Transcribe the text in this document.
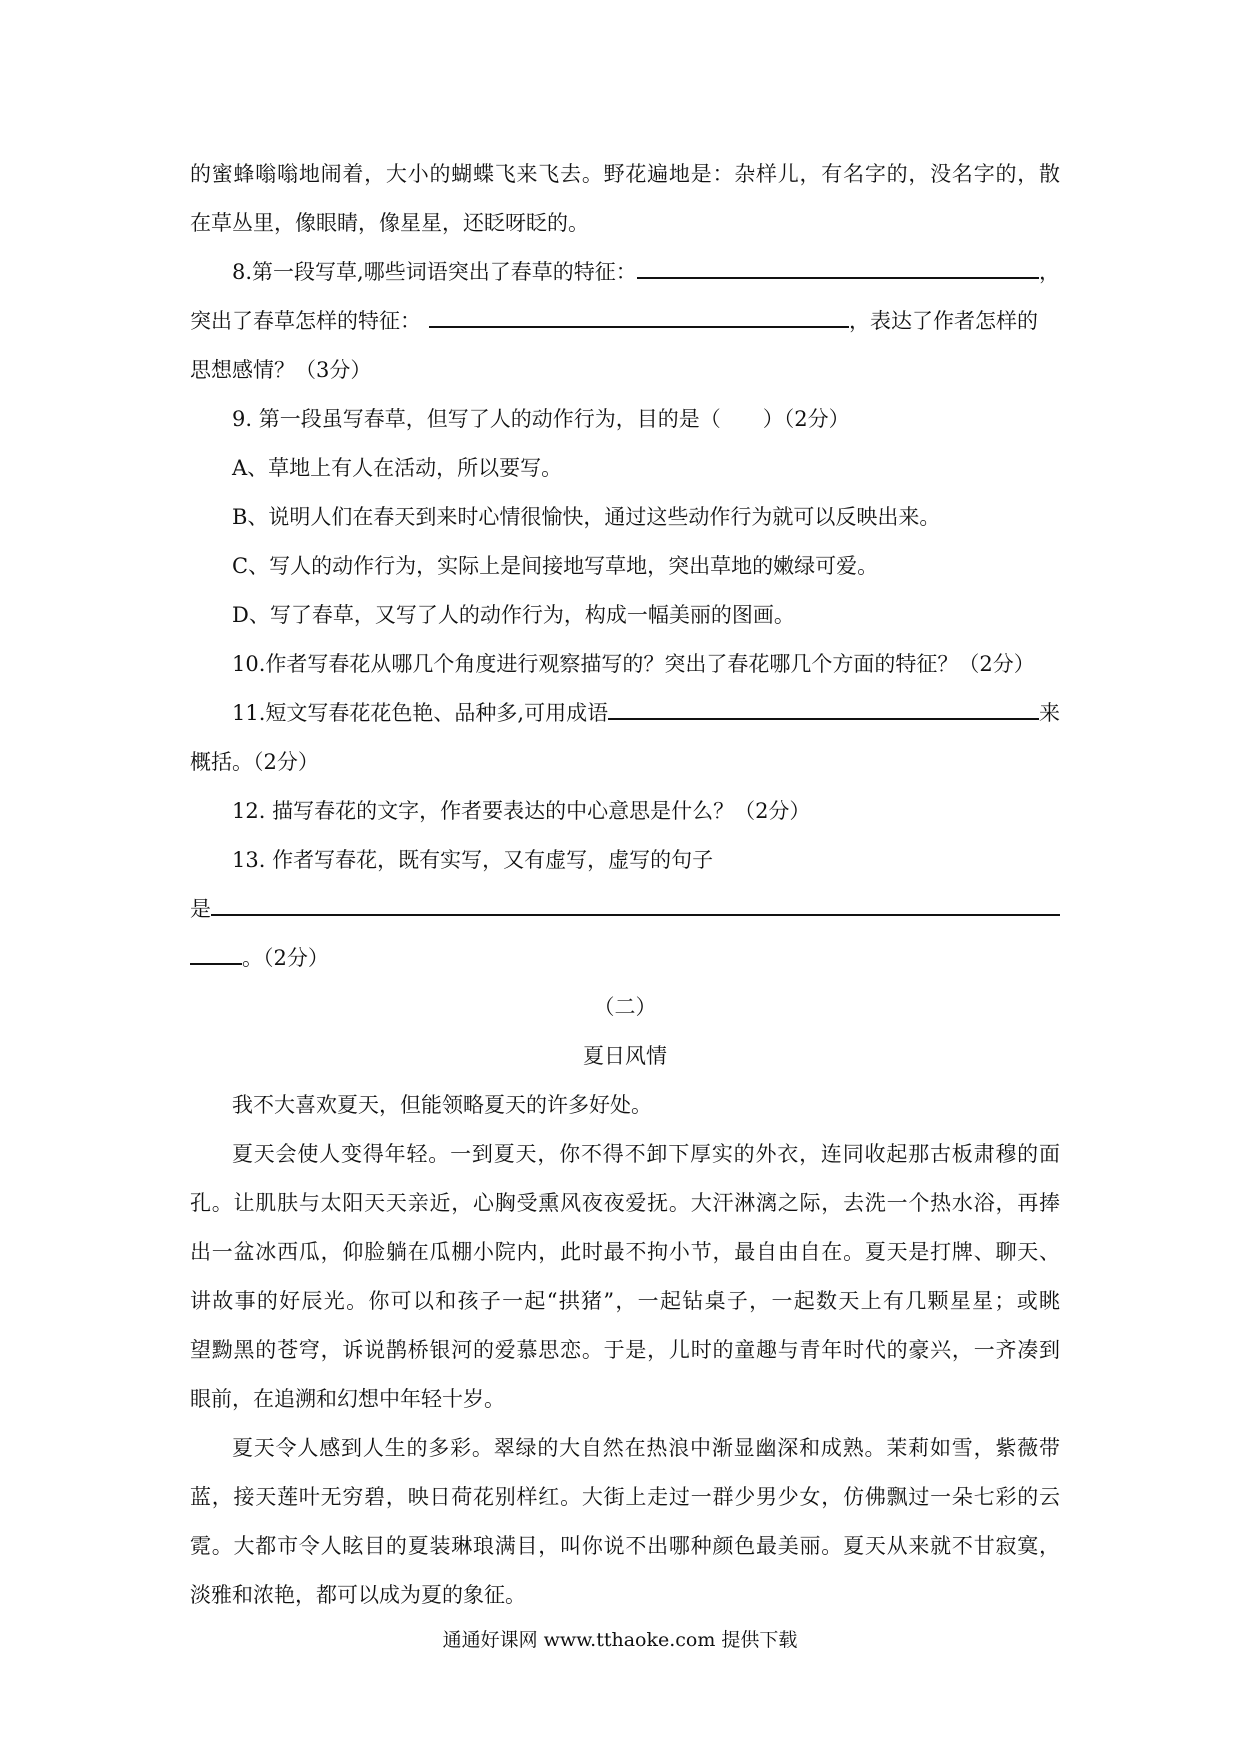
的蜜蜂嗡嗡地闹着，大小的蝴蝶飞来飞去。野花遍地是：杂样儿，有名字的，没名字的，散
在草丛里，像眼睛，像星星，还眨呀眨的。
8.第一段写草,哪些词语突出了春草的特征：	，
突出了春草怎样的特征：	，表达了作者怎样的
思想感情？（3分）
9. 第一段虽写春草，但写了人的动作行为，目的是（　　）（2分）
A、草地上有人在活动，所以要写。
B、说明人们在春天到来时心情很愉快，通过这些动作行为就可以反映出来。
C、写人的动作行为，实际上是间接地写草地，突出草地的嫩绿可爱。
D、写了春草，又写了人的动作行为，构成一幅美丽的图画。
10.作者写春花从哪几个角度进行观察描写的？突出了春花哪几个方面的特征？（2分）
11.短文写春花花色艳、品种多,可用成语	来
概括。（2分）
12. 描写春花的文字，作者要表达的中心意思是什么？（2分）
13. 作者写春花，既有实写，又有虚写，虚写的句子
是
。（2分）
（二）
夏日风情
我不大喜欢夏天，但能领略夏天的许多好处。
夏天会使人变得年轻。一到夏天，你不得不卸下厚实的外衣，连同收起那古板肃穆的面
孔。让肌肤与太阳天天亲近，心胸受熏风夜夜爱抚。大汗淋漓之际，去洗一个热水浴，再捧
出一盆冰西瓜，仰脸躺在瓜棚小院内，此时最不拘小节，最自由自在。夏天是打牌、聊天、
讲故事的好辰光。你可以和孩子一起“拱猪”，一起钻桌子，一起数天上有几颗星星；或眺
望黝黑的苍穹，诉说鹊桥银河的爱慕思恋。于是，儿时的童趣与青年时代的豪兴，一齐凑到
眼前，在追溯和幻想中年轻十岁。
夏天令人感到人生的多彩。翠绿的大自然在热浪中渐显幽深和成熟。茉莉如雪，紫薇带
蓝，接天莲叶无穷碧，映日荷花别样红。大街上走过一群少男少女，仿佛飘过一朵七彩的云
霓。大都市令人眩目的夏装琳琅满目，叫你说不出哪种颜色最美丽。夏天从来就不甘寂寞，
淡雅和浓艳，都可以成为夏的象征。
通通好课网 www.tthaoke.com 提供下载
